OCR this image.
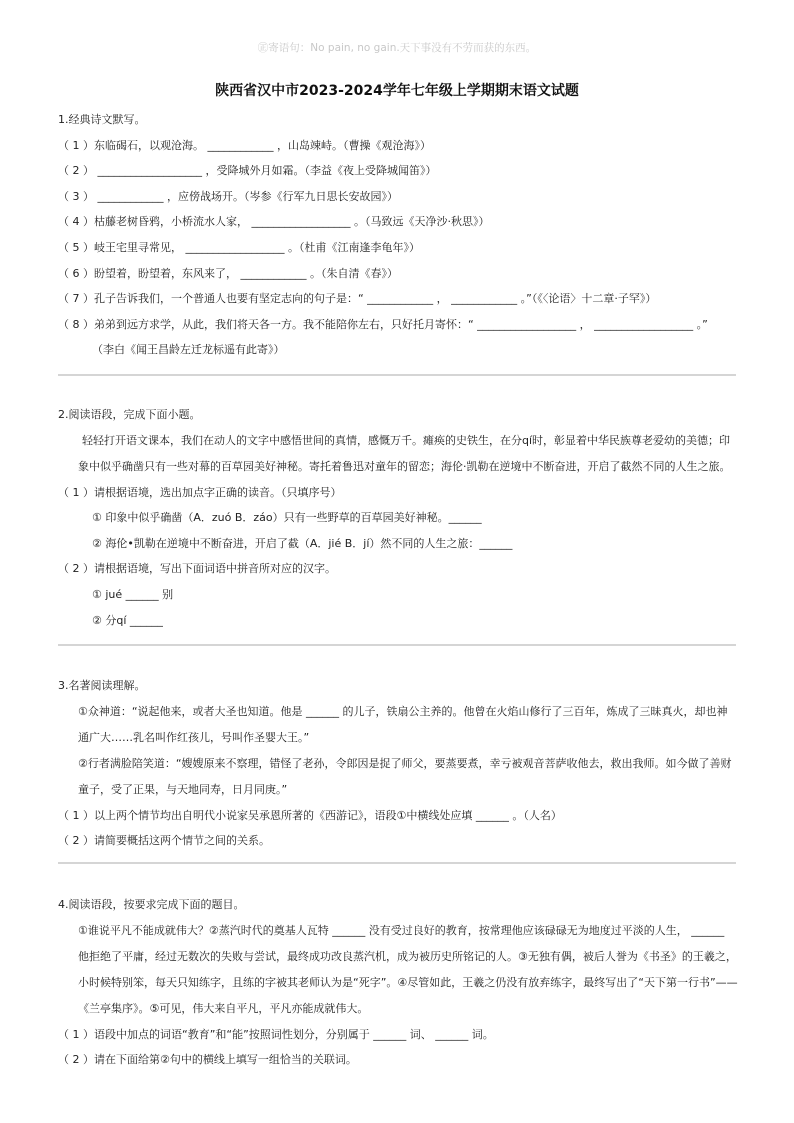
㊣寄语句：No pain, no gain.天下事没有不劳而获的东西。
陕西省汉中市2023-2024学年七年级上学期期末语文试题
1.经典诗文默写。
（ 1 ）东临碣石，以观沧海。 ____________ ，山岛竦峙。（曹操《观沧海》）
（ 2 ） ___________________ ，受降城外月如霜。（李益《夜上受降城闻笛》）
（ 3 ） ____________ ，应傍战场开。（岑参《行军九日思长安故园》）
（ 4 ）枯藤老树昏鸦，小桥流水人家， __________________ 。（马致远《天净沙·秋思》）
（ 5 ）岐王宅里寻常见， __________________ 。（杜甫《江南逢李龟年》）
（ 6 ）盼望着，盼望着，东风来了， ____________ 。（朱自清《春》）
（ 7 ）孔子告诉我们，一个普通人也要有坚定志向的句子是：“ ____________ ， ____________ 。”（《〈论语〉十二章·子罕》）
（ 8 ）弟弟到远方求学，从此，我们将天各一方。我不能陪你左右，只好托月寄怀：“ __________________ ， __________________ 。”
（李白《闻王昌龄左迁龙标遥有此寄》）
2.阅读语段，完成下面小题。
轻轻打开语文课本，我们在动人的文字中感悟世间的真情，感慨万千。瘫痪的史铁生，在分qí时，彰显着中华民族尊老爱幼的美德；印象中似乎确凿只有一些对幕的百草园美好神秘。寄托着鲁迅对童年的留恋；海伦·凯勒在逆境中不断奋进，开启了截然不同的人生之旅。
（ 1 ）请根据语境，选出加点字正确的读音。（只填序号）
① 印象中似乎确凿（A．zuó B．záo）只有一些野草的百草园美好神秘。______
② 海伦•凯勒在逆境中不断奋进，开启了截（A．jié B．jí）然不同的人生之旅：______
（ 2 ）请根据语境，写出下面词语中拼音所对应的汉字。
① jué ______ 别
② 分qí ______
3.名著阅读理解。
①众神道：“说起他来，或者大圣也知道。他是 ______ 的儿子，铁扇公主养的。他曾在火焰山修行了三百年，炼成了三昧真火，却也神通广大……乳名叫作红孩儿，号叫作圣婴大王。”
②行者满脸陪笑道：“嫂嫂原来不察理，错怪了老孙，令郎因是捉了师父，要蒸要煮，幸亏被观音菩萨收他去，救出我师。如今做了善财童子，受了正果，与天地同寿，日月同庚。”
（ 1 ）以上两个情节均出自明代小说家吴承恩所著的《西游记》，语段①中横线处应填 ______ 。（人名）
（ 2 ）请简要概括这两个情节之间的关系。
4.阅读语段，按要求完成下面的题目。
①谁说平凡不能成就伟大？②蒸汽时代的奠基人瓦特 ______ 没有受过良好的教育，按常理他应该碌碌无为地度过平淡的人生， ______ 他拒绝了平庸，经过无数次的失败与尝试，最终成功改良蒸汽机，成为被历史所铭记的人。③无独有偶，被后人誉为《书圣》的王羲之，小时候特别笨，每天只知练字，且练的字被其老师认为是“死字”。④尽管如此，王羲之仍没有放弃练字，最终写出了“天下第一行书”——《兰亭集序》。⑤可见，伟大来自平凡，平凡亦能成就伟大。
（ 1 ）语段中加点的词语“教育”和“能”按照词性划分，分别属于 ______ 词、 ______ 词。
（ 2 ）请在下面给第②句中的横线上填写一组恰当的关联词。
